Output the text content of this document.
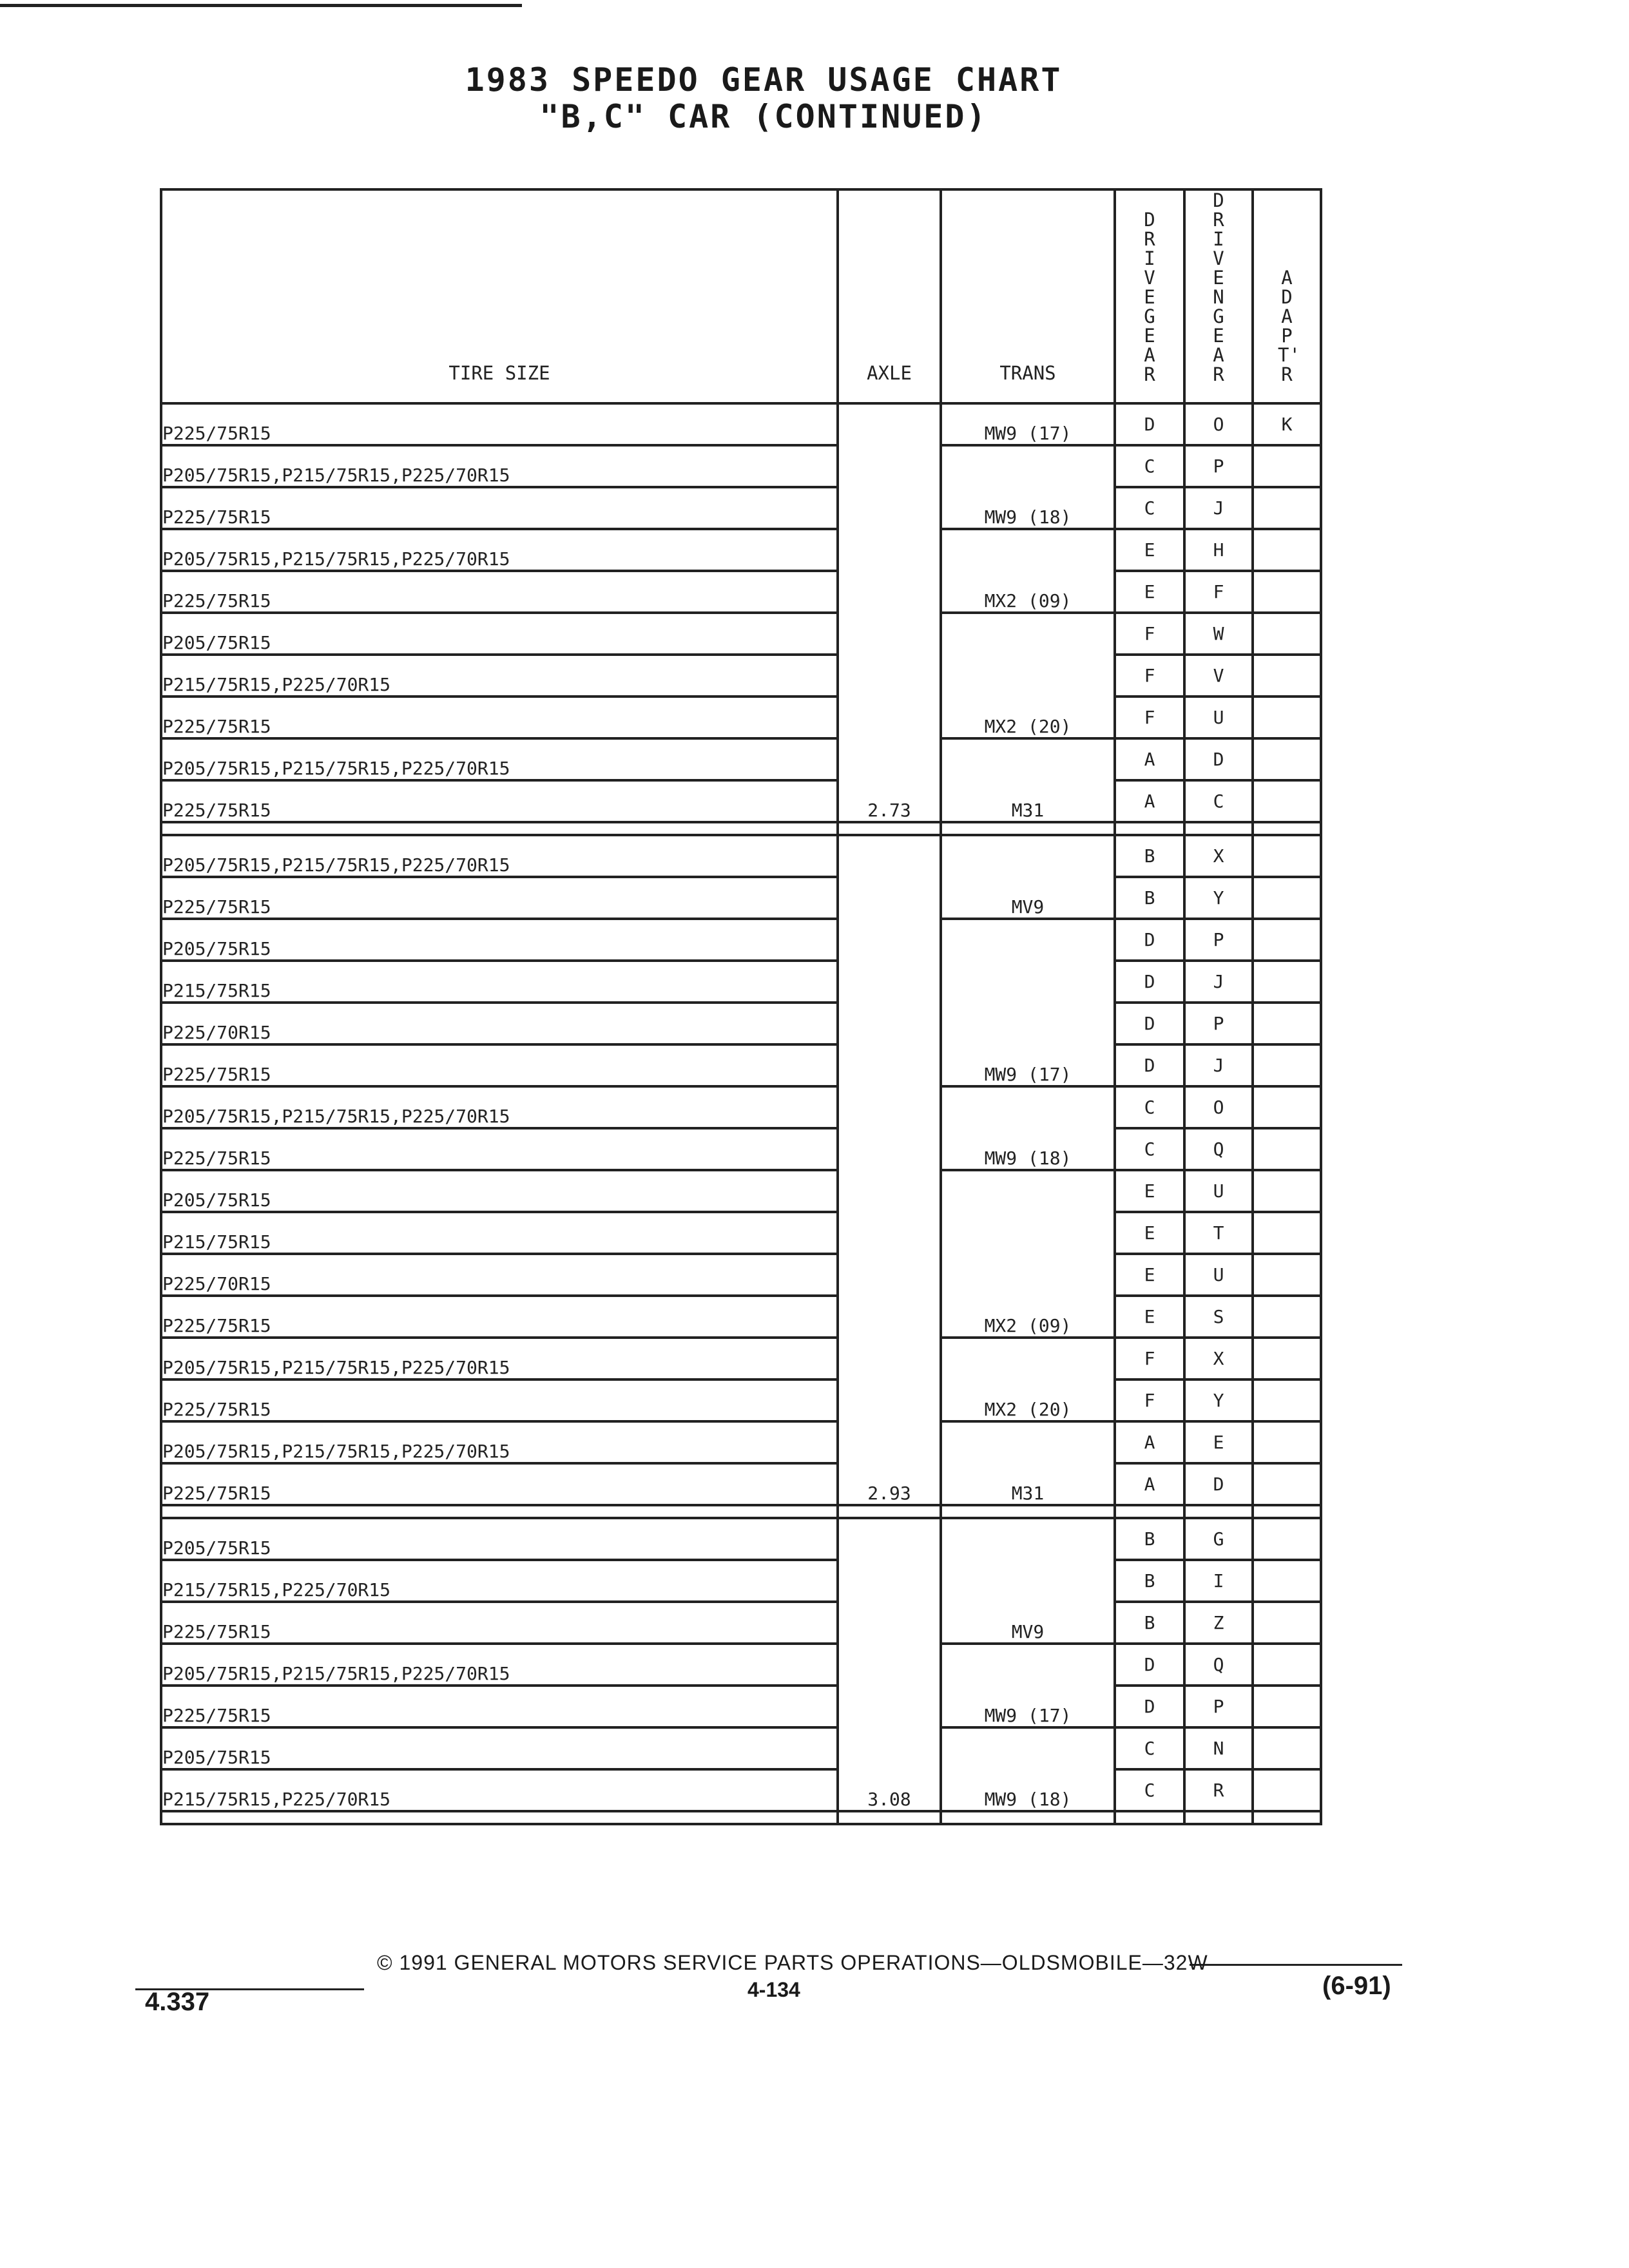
1983 SPEEDO GEAR USAGE CHART
"B,C" CAR (CONTINUED)
TIRE SIZE	AXLE	TRANS	D R I V E G E A R	D R I V E N G E A R	A D A P T' R
P225/75R15	2.73	MW9 (17)	D	O	K
P205/75R15,P215/75R15,P225/70R15		MW9 (18)	C	P	
P225/75R15			C	J	
P205/75R15,P215/75R15,P225/70R15		MX2 (09)	E	H	
P225/75R15			E	F	
P205/75R15		MX2 (20)	F	W	
P215/75R15,P225/70R15			F	V	
P225/75R15			F	U	
P205/75R15,P215/75R15,P225/70R15		M31	A	D	
P225/75R15			A	C	

P205/75R15,P215/75R15,P225/70R15	2.93	MV9	B	X	
P225/75R15			B	Y	
P205/75R15		MW9 (17)	D	P	
P215/75R15			D	J	
P225/70R15			D	P	
P225/75R15			D	J	
P205/75R15,P215/75R15,P225/70R15		MW9 (18)	C	O	
P225/75R15			C	Q	
P205/75R15		MX2 (09)	E	U	
P215/75R15			E	T	
P225/70R15			E	U	
P225/75R15			E	S	
P205/75R15,P215/75R15,P225/70R15		MX2 (20)	F	X	
P225/75R15			F	Y	
P205/75R15,P215/75R15,P225/70R15		M31	A	E	
P225/75R15			A	D	

P205/75R15	3.08	MV9	B	G	
P215/75R15,P225/70R15			B	I	
P225/75R15			B	Z	
P205/75R15,P215/75R15,P225/70R15		MW9 (17)	D	Q	
P225/75R15			D	P	
P205/75R15		MW9 (18)	C	N	
P215/75R15,P225/70R15			C	R	

© 1991 GENERAL MOTORS SERVICE PARTS OPERATIONS—OLDSMOBILE—32W
4-134
4.337
(6-91)
